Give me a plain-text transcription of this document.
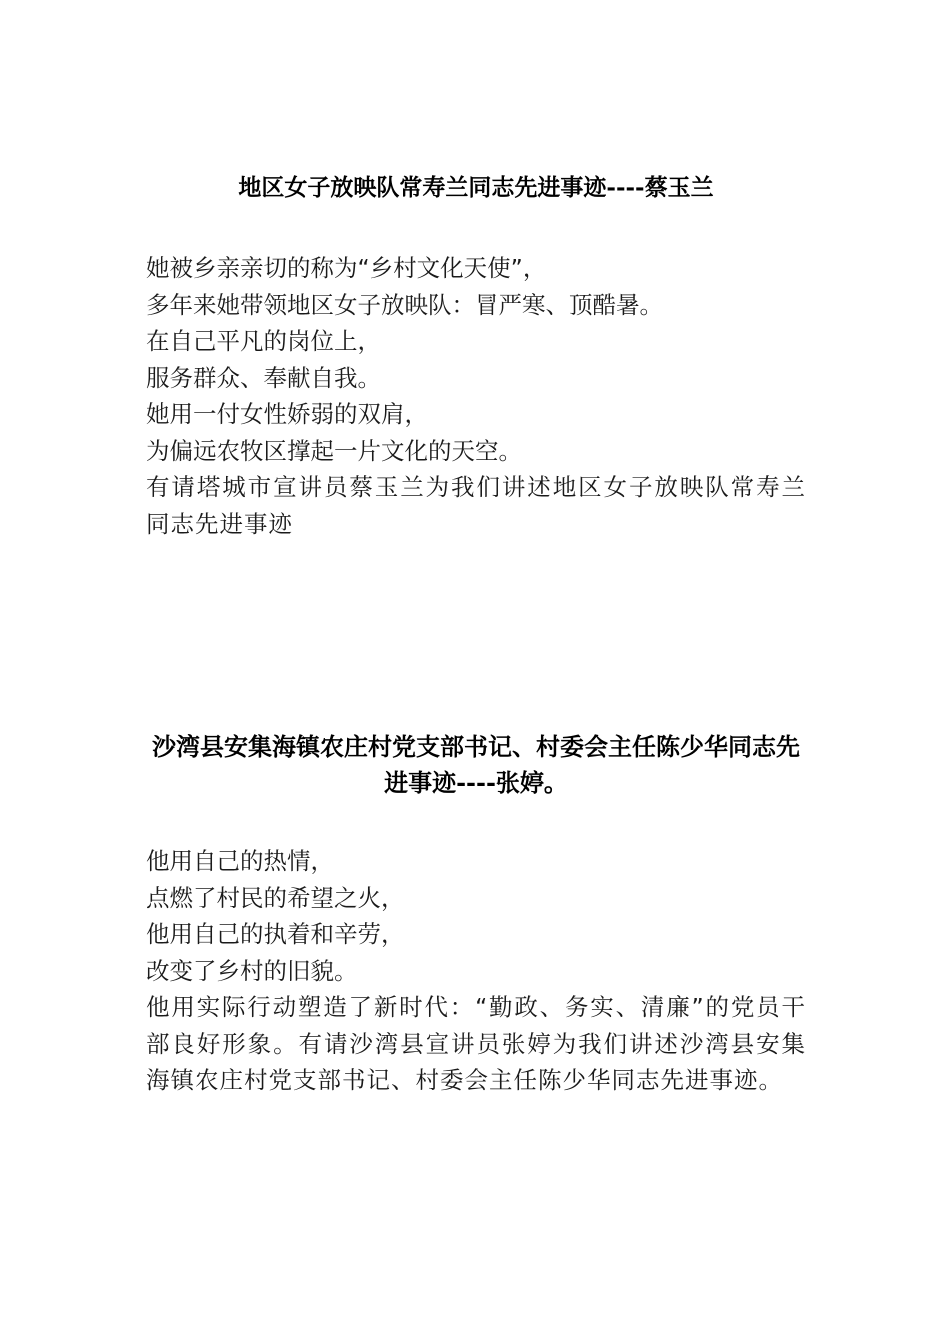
地区女子放映队常寿兰同志先进事迹----蔡玉兰
她被乡亲亲切的称为“乡村文化天使”，
多年来她带领地区女子放映队：冒严寒、顶酷暑。
在自己平凡的岗位上，
服务群众、奉献自我。
她用一付女性娇弱的双肩，
为偏远农牧区撑起一片文化的天空。
有请塔城市宣讲员蔡玉兰为我们讲述地区女子放映队常寿兰同志先进事迹
沙湾县安集海镇农庄村党支部书记、村委会主任陈少华同志先进事迹----张婷。
他用自己的热情，
点燃了村民的希望之火，
他用自己的执着和辛劳，
改变了乡村的旧貌。
他用实际行动塑造了新时代：“勤政、务实、清廉”的党员干部良好形象。有请沙湾县宣讲员张婷为我们讲述沙湾县安集海镇农庄村党支部书记、村委会主任陈少华同志先进事迹。
